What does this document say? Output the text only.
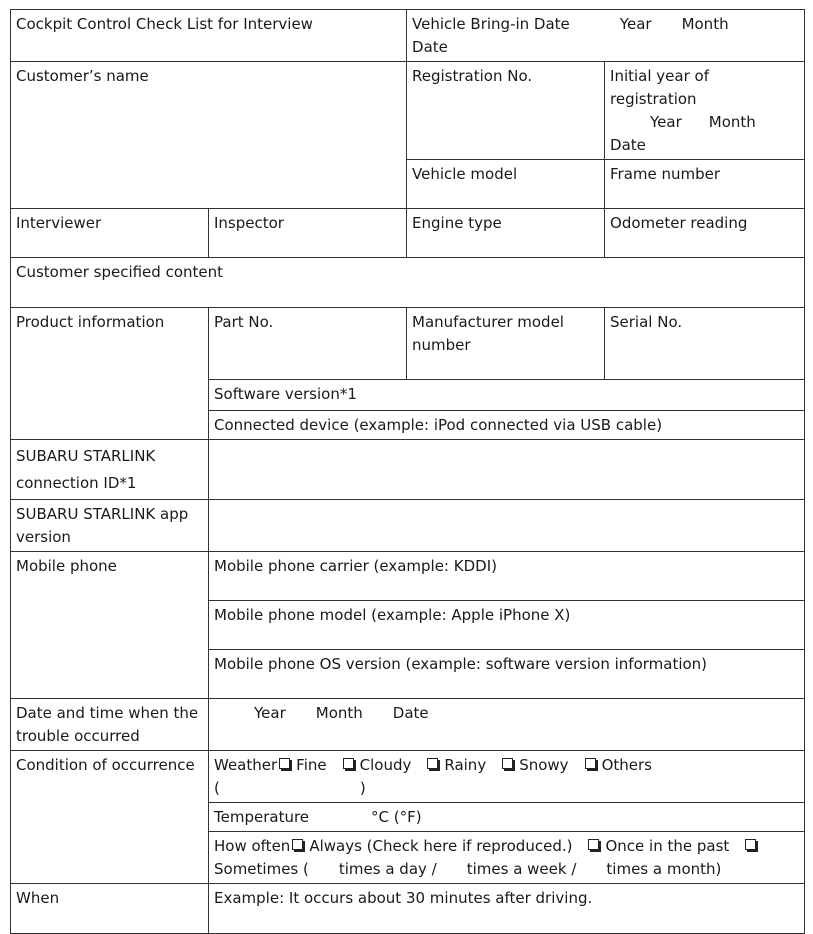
Cockpit Control Check List for Interview		Vehicle Bring-in Date Year Month
Date	
Customer’s name		Registration No.	Initial year of registration
Year Month
Date
		Vehicle model	Frame number
Interviewer	Inspector	Engine type	Odometer reading
Customer specified content			
Product information	Part No.	Manufacturer model number	Serial No.
	Software version*1		
	Connected device (example: iPod connected via USB cable)		
SUBARU STARLINK connection ID*1			
SUBARU STARLINK app version			
Mobile phone	Mobile phone carrier (example: KDDI)		
	Mobile phone model (example: Apple iPhone X)		
	Mobile phone OS version (example: software version information)		
Date and time when the trouble occurred	Year Month Date		
Condition of occurrence	Weather Fine Cloudy Rainy Snowy Others
( )		
	Temperature °C (°F)		
	How often Always (Check here if reproduced.) Once in the past
Sometimes ( times a day / times a week / times a month)		
When	Example: It occurs about 30 minutes after driving.		
